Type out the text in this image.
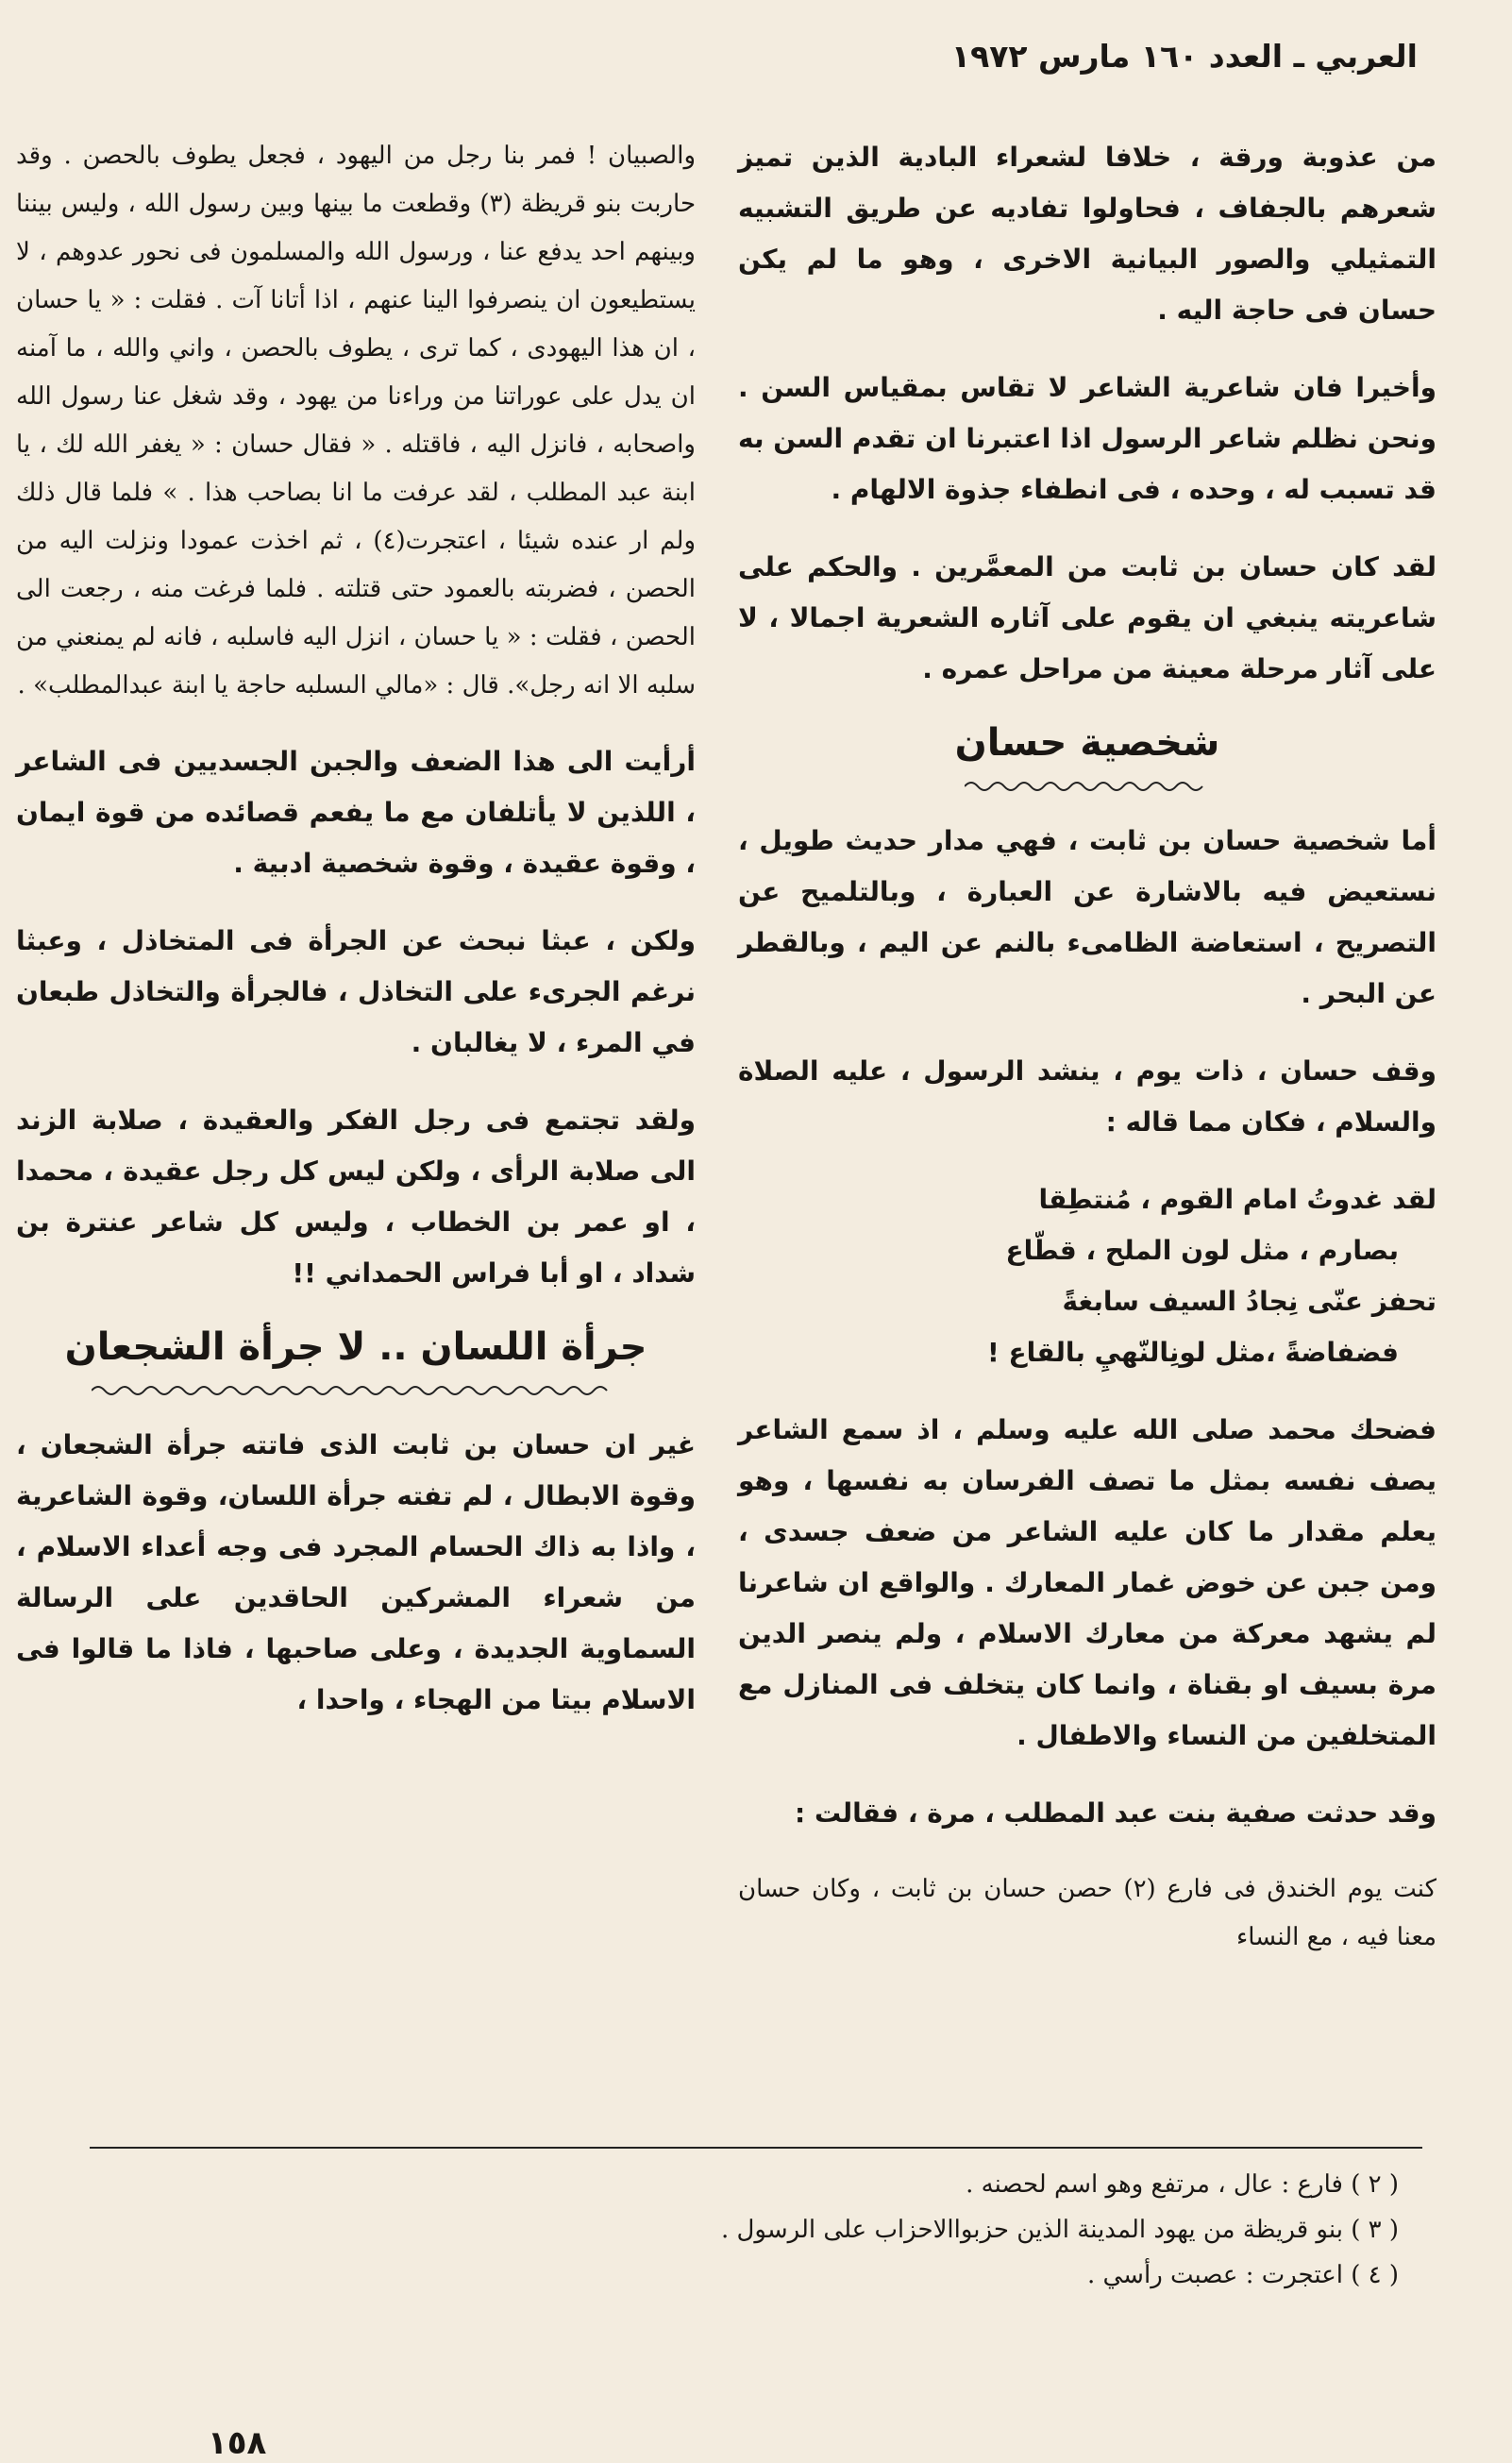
العربي ـ العدد ١٦٠ مارس ١٩٧٢

من عذوبة ورقة ، خلافا لشعراء البادية الذين تميز شعرهم بالجفاف ، فحاولوا تفاديه عن طريق التشبيه التمثيلي والصور البيانية الاخرى ، وهو ما لم يكن حسان فى حاجة اليه .

وأخيرا فان شاعرية الشاعر لا تقاس بمقياس السن . ونحن نظلم شاعر الرسول اذا اعتبرنا ان تقدم السن به قد تسبب له ، وحده ، فى انطفاء جذوة الالهام .

لقد كان حسان بن ثابت من المعمَّرين . والحكم على شاعريته ينبغي ان يقوم على آثاره الشعرية اجمالا ، لا على آثار مرحلة معينة من مراحل عمره .

شخصية حسان

أما شخصية حسان بن ثابت ، فهي مدار حديث طويل ، نستعيض فيه بالاشارة عن العبارة ، وبالتلميح عن التصريح ، استعاضة الظامىء بالنم عن اليم ، وبالقطر عن البحر .

وقف حسان ، ذات يوم ، ينشد الرسول ، عليه الصلاة والسلام ، فكان مما قاله :

لقد غدوتُ امام القوم ، مُنتطِقا
بصارم ، مثل لون الملح ، قطّاع
تحفز عنّى نِجادُ السيف سابغةً
فضفاضةً ،مثل لونِالنّهيِ بالقاع !

فضحك محمد صلى الله عليه وسلم ، اذ سمع الشاعر يصف نفسه بمثل ما تصف الفرسان به نفسها ، وهو يعلم مقدار ما كان عليه الشاعر من ضعف جسدى ، ومن جبن عن خوض غمار المعارك . والواقع ان شاعرنا لم يشهد معركة من معارك الاسلام ، ولم ينصر الدين مرة بسيف او بقناة ، وانما كان يتخلف فى المنازل مع المتخلفين من النساء والاطفال .

وقد حدثت صفية بنت عبد المطلب ، مرة ، فقالت :

كنت يوم الخندق فى فارع (٢) حصن حسان بن ثابت ، وكان حسان معنا فيه ، مع النساء

والصبيان ! فمر بنا رجل من اليهود ، فجعل يطوف بالحصن . وقد حاربت بنو قريظة (٣) وقطعت ما بينها وبين رسول الله ، وليس بيننا وبينهم احد يدفع عنا ، ورسول الله والمسلمون فى نحور عدوهم ، لا يستطيعون ان ينصرفوا الينا عنهم ، اذا أتانا آت . فقلت : « يا حسان ، ان هذا اليهودى ، كما ترى ، يطوف بالحصن ، واني والله ، ما آمنه ان يدل على عوراتنا من وراءنا من يهود ، وقد شغل عنا رسول الله واصحابه ، فانزل اليه ، فاقتله . « فقال حسان : « يغفر الله لك ، يا ابنة عبد المطلب ، لقد عرفت ما انا بصاحب هذا . » فلما قال ذلك ولم ار عنده شيئا ، اعتجرت(٤) ، ثم اخذت عمودا ونزلت اليه من الحصن ، فضربته بالعمود حتى قتلته . فلما فرغت منه ، رجعت الى الحصن ، فقلت : « يا حسان ، انزل اليه فاسلبه ، فانه لم يمنعني من سلبه الا انه رجل». قال : «مالي الىسلبه حاجة يا ابنة عبدالمطلب» .

أرأيت الى هذا الضعف والجبن الجسديين فى الشاعر ، اللذين لا يأتلفان مع ما يفعم قصائده من قوة ايمان ، وقوة عقيدة ، وقوة شخصية ادبية .

ولكن ، عبثا نبحث عن الجرأة فى المتخاذل ، وعبثا نرغم الجرىء على التخاذل ، فالجرأة والتخاذل طبعان في المرء ، لا يغالبان .

ولقد تجتمع فى رجل الفكر والعقيدة ، صلابة الزند الى صلابة الرأى ، ولكن ليس كل رجل عقيدة ، محمدا ، او عمر بن الخطاب ، وليس كل شاعر عنترة بن شداد ، او أبا فراس الحمداني !!

جرأة اللسان .. لا جرأة الشجعان

غير ان حسان بن ثابت الذى فاتته جرأة الشجعان ، وقوة الابطال ، لم تفته جرأة اللسان، وقوة الشاعرية ، واذا به ذاك الحسام المجرد فى وجه أعداء الاسلام ، من شعراء المشركين الحاقدين على الرسالة السماوية الجديدة ، وعلى صاحبها ، فاذا ما قالوا فى الاسلام بيتا من الهجاء ، واحدا ،

( ٢ ) فارع : عال ، مرتفع وهو اسم لحصنه .
( ٣ ) بنو قريظة من يهود المدينة الذين حزبواالاحزاب على الرسول .
( ٤ ) اعتجرت : عصبت رأسي .
١٥٨
